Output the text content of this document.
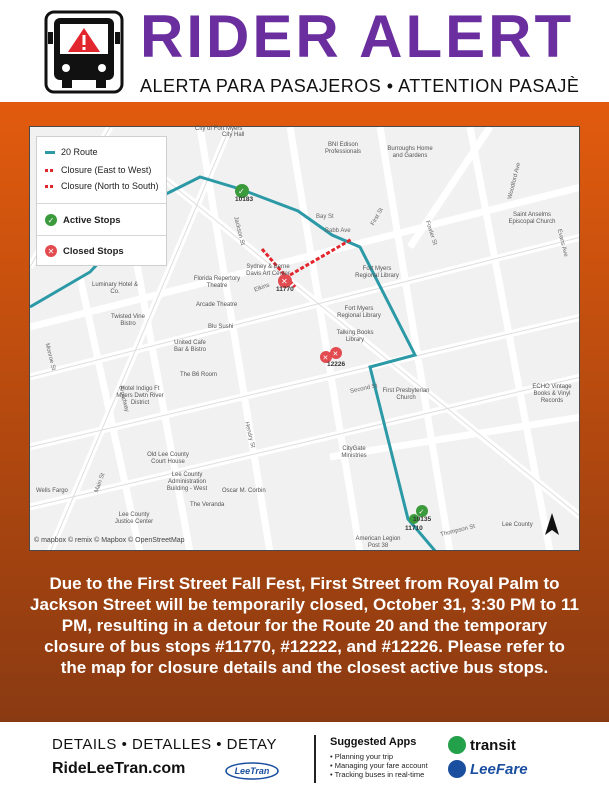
RIDER ALERT
ALERTA PARA PASAJEROS • ATTENTION PASAJÈ
✓
✕
✕ ✕
✓
10183
11770
12226
10135
11710
City of Fort Myers
City Hall
BNI Edison Professionals	Burroughs Home and Gardens
Bay St
Babb Ave
Sydney & Berne Davis Art Center
Fort Myers Regional Library
Fort Myers Regional Library
Talking Books Library
Luminary Hotel & Co.
Florida Repertory Theatre
Arcade Theatre
Twisted Vine Bistro	Blu Sushi
United Cafe Bar & Bistro
The B6 Room
Hotel Indigo Ft Myers Dwtn River District
Old Lee County Court House
Lee County Administration Building - West	Oscar M. Corbin
The Veranda
Wells Fargo
Lee County Justice Center
CityGate Ministries
First Presbyterian Church
Saint Anselms Episcopal Church
ECHO Vintage Books & Vinyl Records
American Legion Post 38
Lee County
First St
Second St
Main St
Fowler St
Jackson St
Hendry St
Broadway
Monroe St
Woodford Ave
Evans Ave
Thompson St
Elkins
© mapbox © remix © Mapbox © OpenStreetMap
20 Route
Closure (East to West)
Closure (North to South)
✓ Active Stops
✕ Closed Stops
Due to the First Street Fall Fest, First Street from Royal Palm to Jackson Street will be temporarily closed, October 31, 3:30 PM to 11 PM, resulting in a detour for the Route 20 and the temporary closure of bus stops #11770, #12222, and #12226. Please refer to the map for closure details and the closest active bus stops.
DETAILS • DETALLES • DETAY
RideLeeTran.com	LeeTran
Suggested Apps
• Planning your trip
• Managing your fare account
• Tracking buses in real-time
transit
LeeFare
